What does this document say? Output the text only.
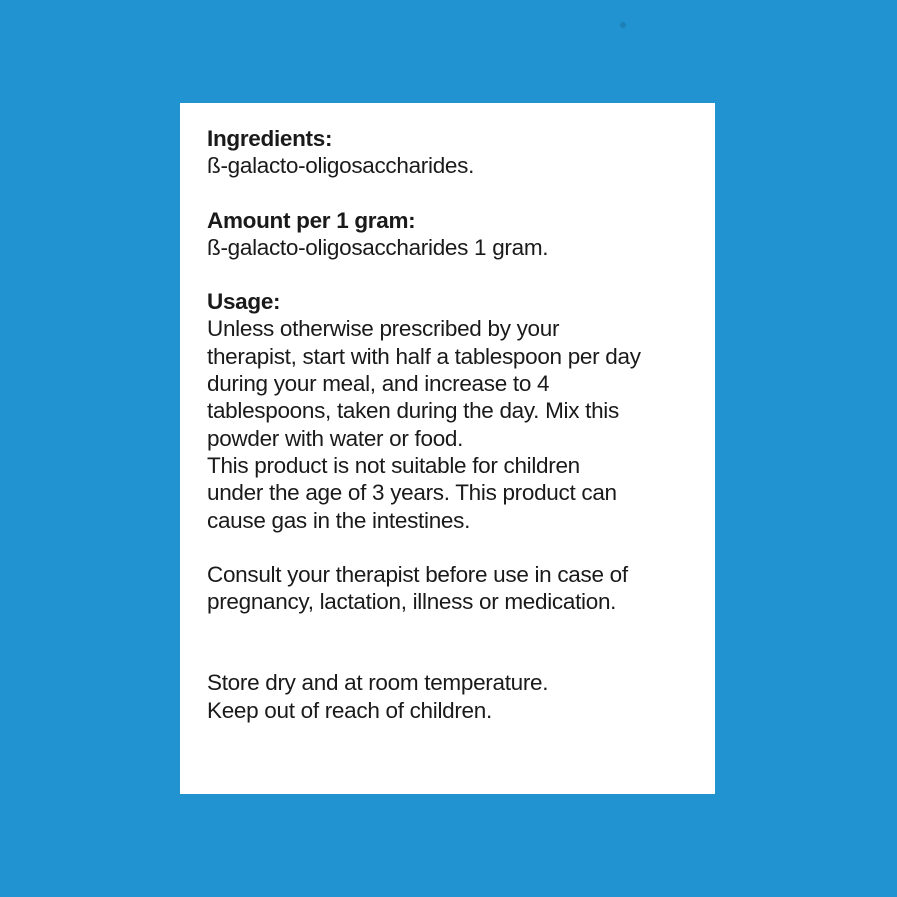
Ingredients:
ß-galacto-oligosaccharides.
Amount per 1 gram:
ß-galacto-oligosaccharides 1 gram.
Usage:
Unless otherwise prescribed by your
therapist, start with half a tablespoon per day
during your meal, and increase to 4
tablespoons, taken during the day. Mix this
powder with water or food.
This product is not suitable for children
under the age of 3 years. This product can
cause gas in the intestines.
Consult your therapist before use in case of
pregnancy, lactation, illness or medication.
Store dry and at room temperature.
Keep out of reach of children.
